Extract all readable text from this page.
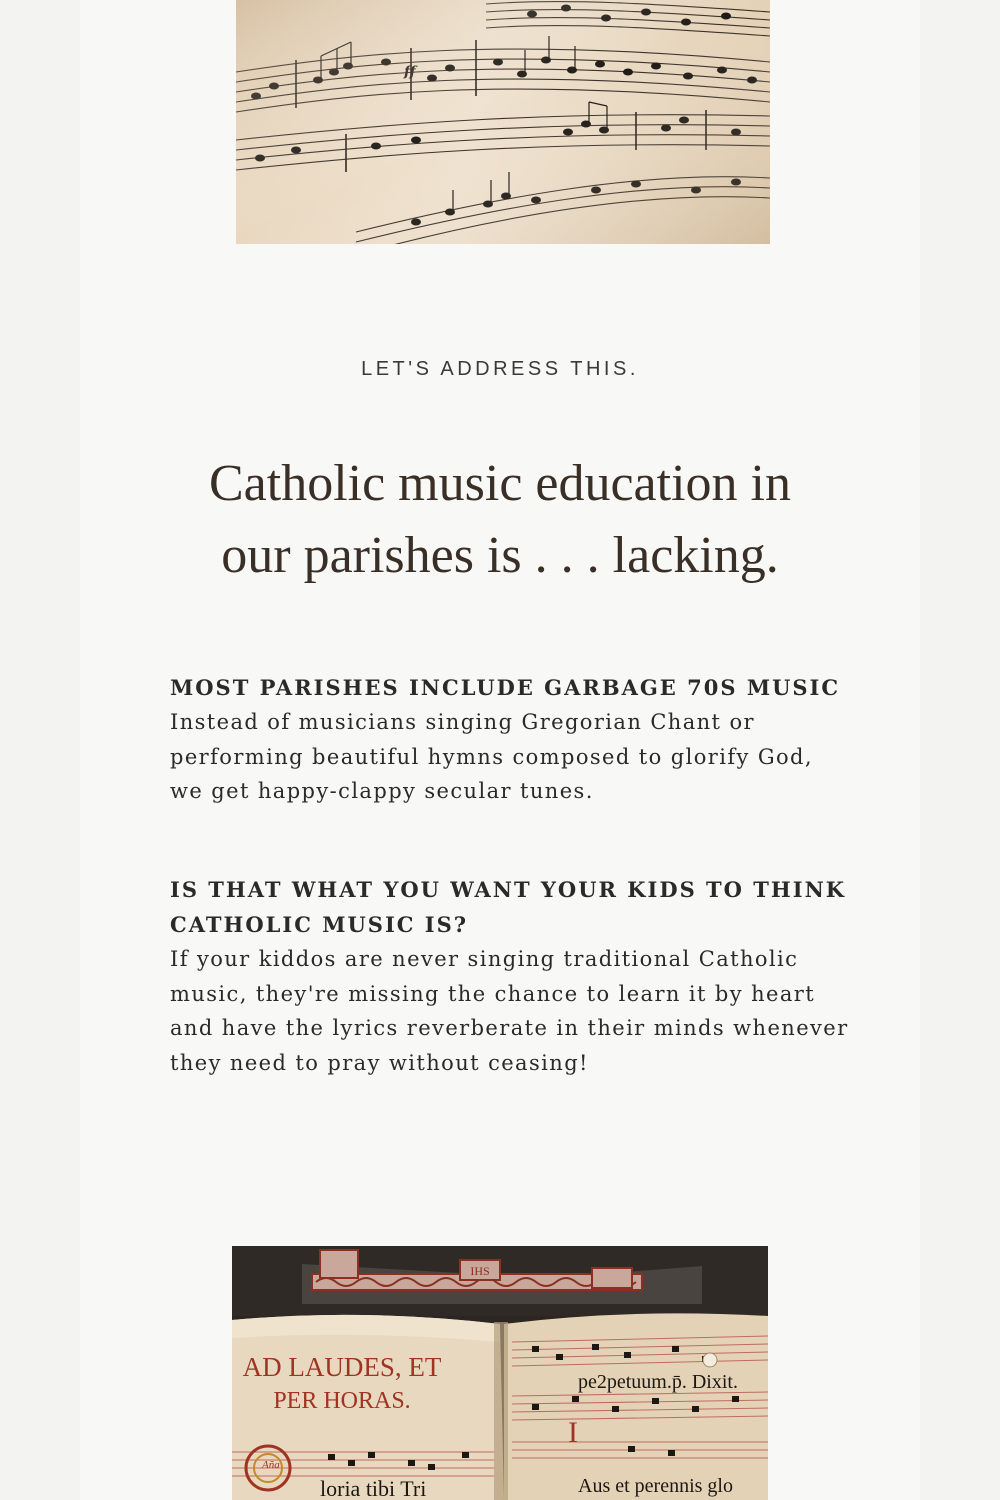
LET'S ADDRESS THIS.
Catholic music education in
our parishes is . . . lacking.
MOST PARISHES INCLUDE GARBAGE 70S MUSIC

Instead of musicians singing Gregorian Chant or performing beautiful hymns composed to glorify God, we get happy-clappy secular tunes.

IS THAT WHAT YOU WANT YOUR KIDS TO THINK CATHOLIC MUSIC IS?

If your kiddos are never singing traditional Catholic music, they're missing the chance to learn it by heart and have the lyrics reverberate in their minds whenever they need to pray without ceasing!

IHS
AD LAUDES, ET
PER HORAS.
Aña
loria tibi Tri
pe2petuum.p̄. Dixit.
I
Aus et perennis glo
